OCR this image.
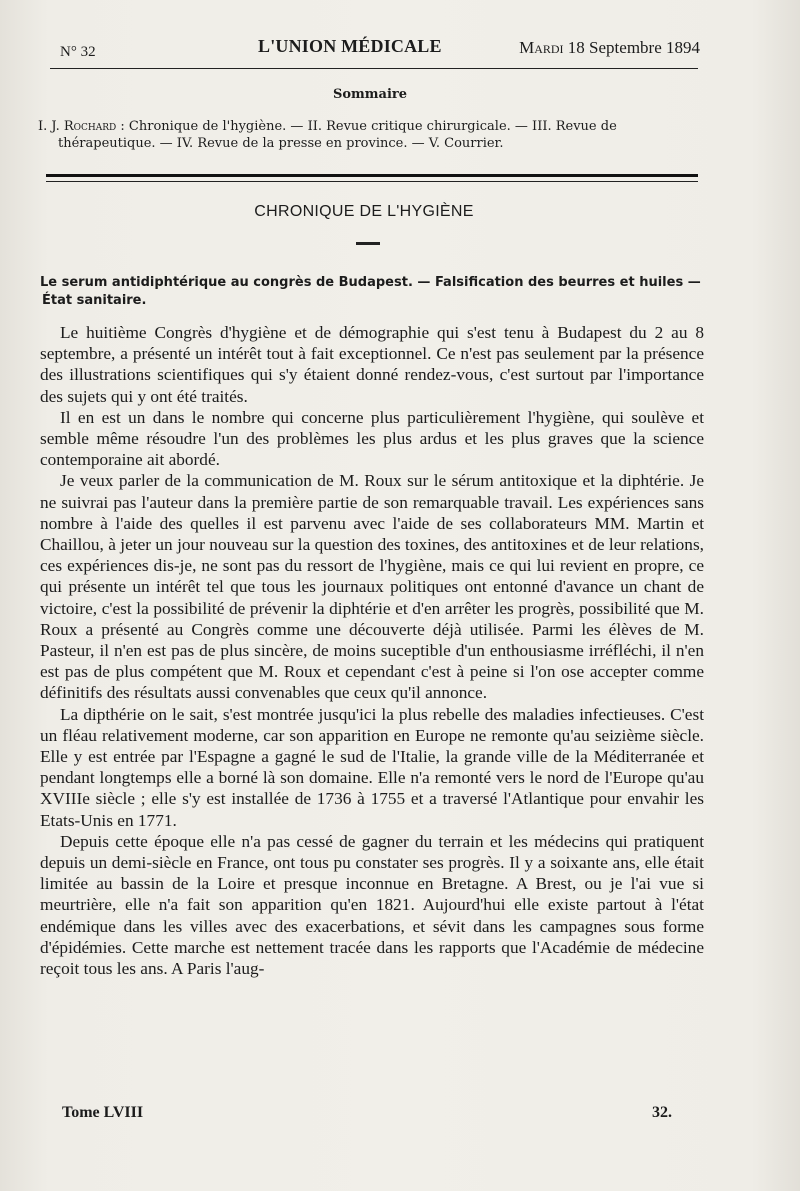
N° 32	L'UNION MÉDICALE	Mardi 18 Septembre 1894
Sommaire
I. J. Rochard : Chronique de l'hygiène. — II. Revue critique chirurgicale. — III. Revue de thérapeutique. — IV. Revue de la presse en province. — V. Courrier.
CHRONIQUE DE L'HYGIÈNE
Le serum antidiphtérique au congrès de Budapest. — Falsification des beurres et huiles — État sanitaire.

Le huitième Congrès d'hygiène et de démographie qui s'est tenu à Budapest du 2 au 8 septembre, a présenté un intérêt tout à fait exceptionnel. Ce n'est pas seulement par la présence des illustrations scientifiques qui s'y étaient donné rendez-vous, c'est surtout par l'importance des sujets qui y ont été traités.

Il en est un dans le nombre qui concerne plus particulièrement l'hygiène, qui soulève et semble même résoudre l'un des problèmes les plus ardus et les plus graves que la science contemporaine ait abordé.

Je veux parler de la communication de M. Roux sur le sérum antitoxique et la diphtérie. Je ne suivrai pas l'auteur dans la première partie de son remarquable travail. Les expériences sans nombre à l'aide des quelles il est parvenu avec l'aide de ses collaborateurs MM. Martin et Chaillou, à jeter un jour nouveau sur la question des toxines, des antitoxines et de leur relations, ces expériences dis-je, ne sont pas du ressort de l'hygiène, mais ce qui lui revient en propre, ce qui présente un intérêt tel que tous les journaux politiques ont entonné d'avance un chant de victoire, c'est la possibilité de prévenir la diphtérie et d'en arrêter les progrès, possibilité que M. Roux a présenté au Congrès comme une découverte déjà utilisée. Parmi les élèves de M. Pasteur, il n'en est pas de plus sincère, de moins suceptible d'un enthousiasme irréfléchi, il n'en est pas de plus compétent que M. Roux et cependant c'est à peine si l'on ose accepter comme définitifs des résultats aussi convenables que ceux qu'il annonce.

La dipthérie on le sait, s'est montrée jusqu'ici la plus rebelle des maladies infectieuses. C'est un fléau relativement moderne, car son apparition en Europe ne remonte qu'au seizième siècle. Elle y est entrée par l'Espagne a gagné le sud de l'Italie, la grande ville de la Méditerranée et pendant longtemps elle a borné là son domaine. Elle n'a remonté vers le nord de l'Europe qu'au XVIIIe siècle ; elle s'y est installée de 1736 à 1755 et a traversé l'Atlantique pour envahir les Etats-Unis en 1771.

Depuis cette époque elle n'a pas cessé de gagner du terrain et les médecins qui pratiquent depuis un demi-siècle en France, ont tous pu constater ses progrès. Il y a soixante ans, elle était limitée au bassin de la Loire et presque inconnue en Bretagne. A Brest, ou je l'ai vue si meurtrière, elle n'a fait son apparition qu'en 1821. Aujourd'hui elle existe partout à l'état endémique dans les villes avec des exacerbations, et sévit dans les campagnes sous forme d'épidémies. Cette marche est nettement tracée dans les rapports que l'Académie de médecine reçoit tous les ans. A Paris l'aug-

Tome LVIII	32.
